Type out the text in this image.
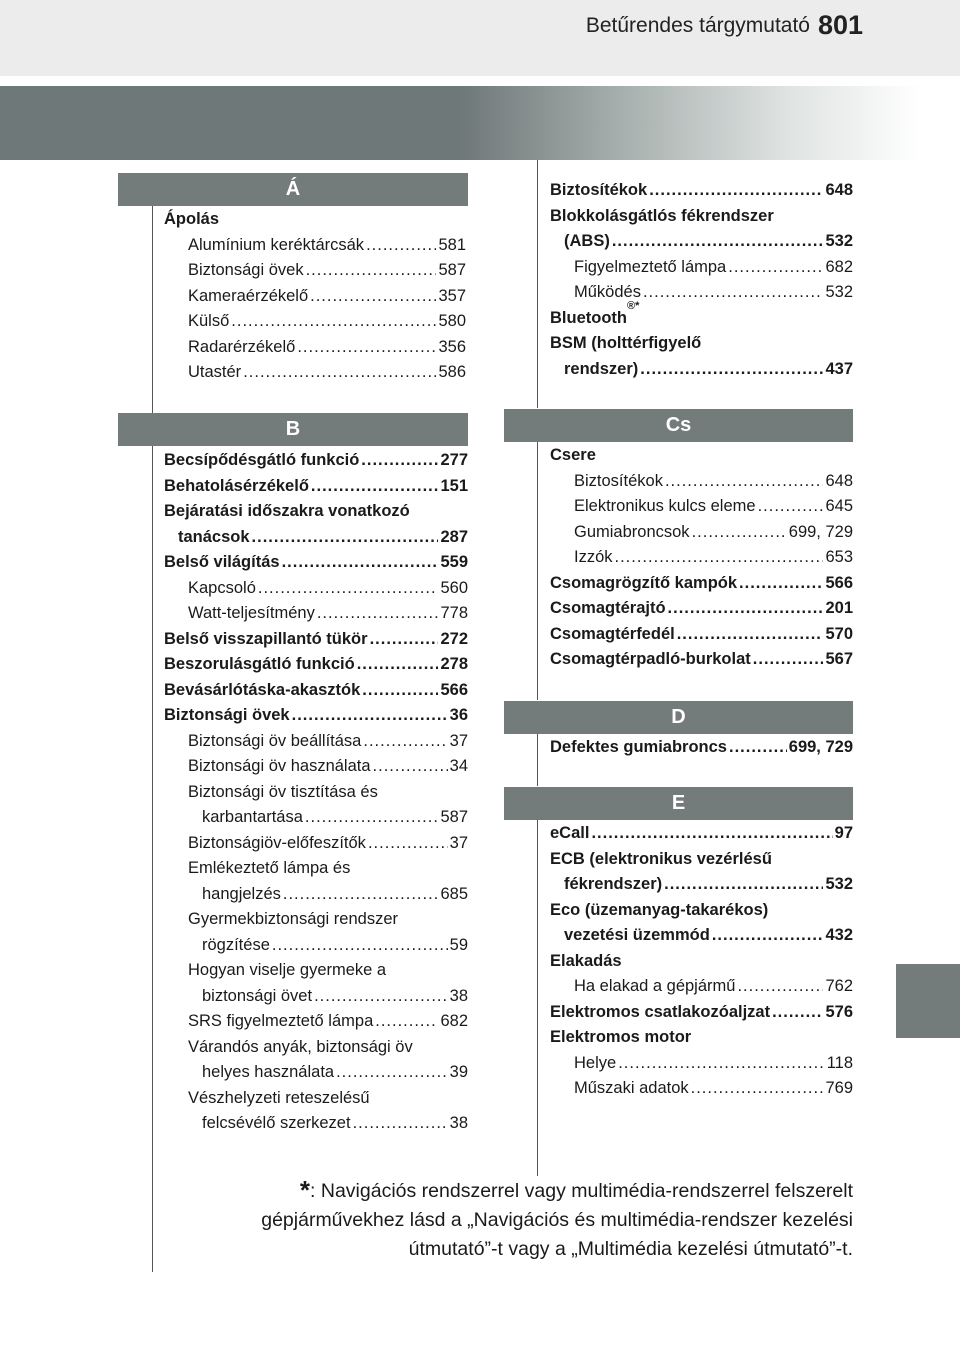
Betűrendes tárgymutató 801
Á
Ápolás
Alumínium keréktárcsák .....	581
Biztonsági övek .....	587
Kameraérzékelő .....	357
Külső .....	580
Radarérzékelő .....	356
Utastér .....	586
B
Becsípődésgátló funkció .....	277
Behatolásérzékelő .....	151
Bejáratási időszakra vonatkozó
tanácsok .....	287
Belső világítás .....	559
Kapcsoló .....	560
Watt-teljesítmény .....	778
Belső visszapillantó tükör .....	272
Beszorulásgátló funkció .....	278
Bevásárlótáska-akasztók .....	566
Biztonsági övek .....	36
Biztonsági öv beállítása .....	37
Biztonsági öv használata .....	34
Biztonsági öv tisztítása és
karbantartása .....	587
Biztonságiöv-előfeszítők .....	37
Emlékeztető lámpa és
hangjelzés .....	685
Gyermekbiztonsági rendszer
rögzítése .....	59
Hogyan viselje gyermeke a
biztonsági övet .....	38
SRS figyelmeztető lámpa .....	682
Várandós anyák, biztonsági öv
helyes használata .....	39
Vészhelyzeti reteszelésű
felcsévélő szerkezet .....	38
Biztosítékok .....	648
Blokkolásgátlós fékrendszer
(ABS) .....	532
Figyelmeztető lámpa .....	682
Működés .....	532
Bluetooth
®*
BSM (holttérfigyelő
rendszer) .....	437
Cs
Csere
Biztosítékok .....	648
Elektronikus kulcs eleme .....	645
Gumiabroncsok .....	699, 729
Izzók .....	653
Csomagrögzítő kampók .....	566
Csomagtérajtó .....	201
Csomagtérfedél .....	570
Csomagtérpadló-burkolat .....	567
D
Defektes gumiabroncs .....	699, 729
E
eCall .....	97
ECB (elektronikus vezérlésű
fékrendszer) .....	532
Eco (üzemanyag-takarékos)
vezetési üzemmód .....	432
Elakadás
Ha elakad a gépjármű .....	762
Elektromos csatlakozóaljzat .....	576
Elektromos motor
Helye .....	118
Műszaki adatok .....	769
*: Navigációs rendszerrel vagy multimédia-rendszerrel felszerelt
gépjárművekhez lásd a „Navigációs és multimédia-rendszer kezelési
útmutató”-t vagy a „Multimédia kezelési útmutató”-t.
